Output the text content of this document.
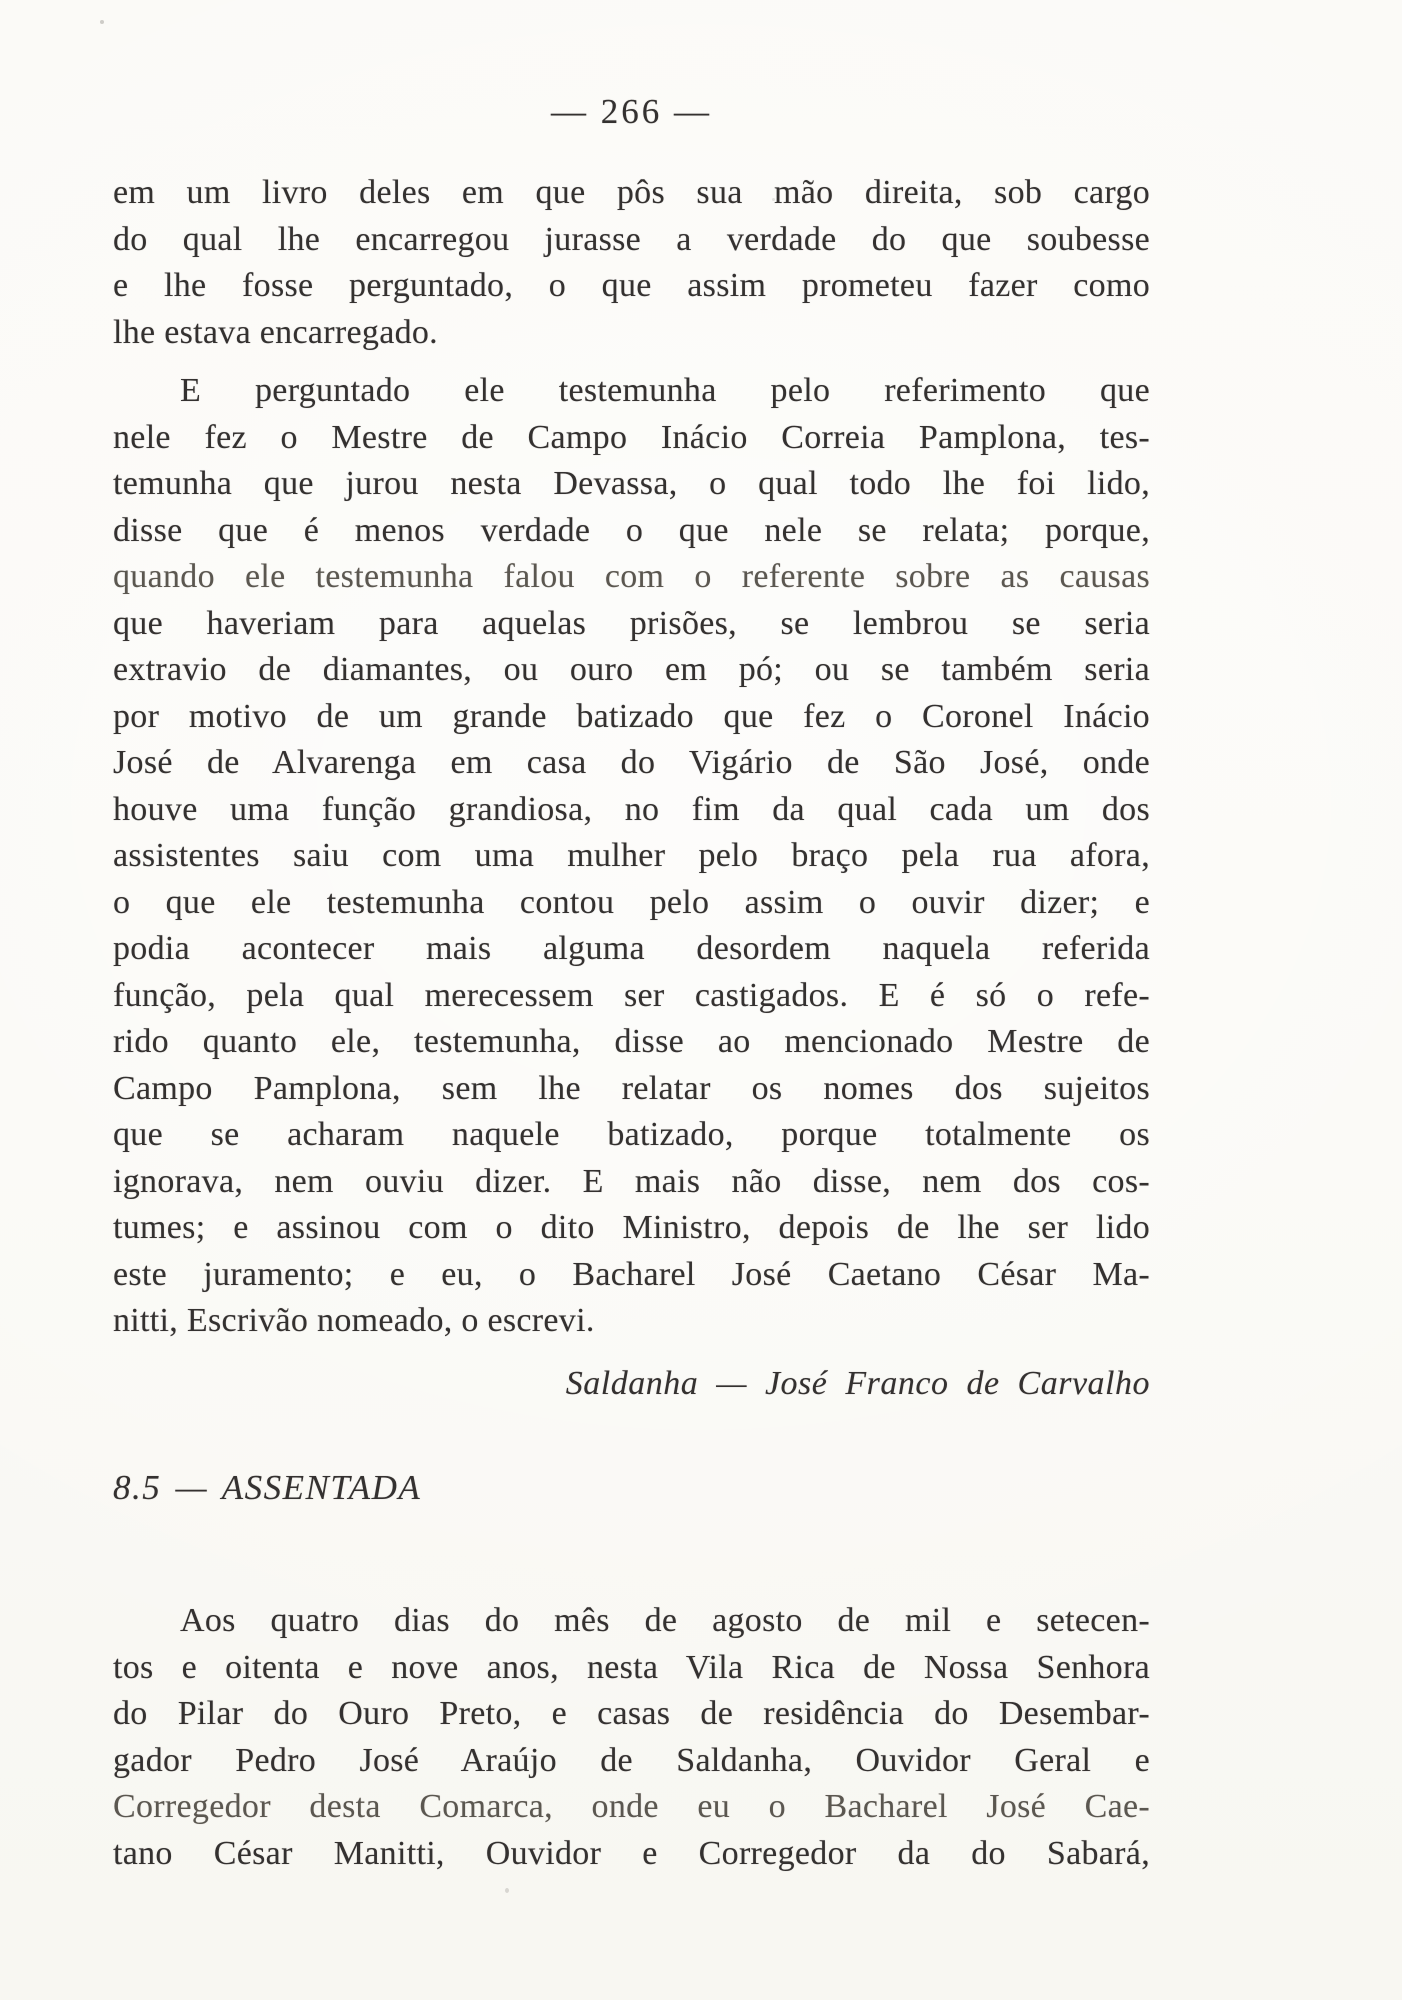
— 266 —
em um livro deles em que pôs sua mão direita, sob cargo
do qual lhe encarregou jurasse a verdade do que soubesse
e lhe fosse perguntado, o que assim prometeu fazer como
lhe estava encarregado.
E perguntado ele testemunha pelo referimento que
nele fez o Mestre de Campo Inácio Correia Pamplona, tes-
temunha que jurou nesta Devassa, o qual todo lhe foi lido,
disse que é menos verdade o que nele se relata; porque,
quando ele testemunha falou com o referente sobre as causas
que haveriam para aquelas prisões, se lembrou se seria
extravio de diamantes, ou ouro em pó; ou se também seria
por motivo de um grande batizado que fez o Coronel Inácio
José de Alvarenga em casa do Vigário de São José, onde
houve uma função grandiosa, no fim da qual cada um dos
assistentes saiu com uma mulher pelo braço pela rua afora,
o que ele testemunha contou pelo assim o ouvir dizer; e
podia acontecer mais alguma desordem naquela referida
função, pela qual merecessem ser castigados. E é só o refe-
rido quanto ele, testemunha, disse ao mencionado Mestre de
Campo Pamplona, sem lhe relatar os nomes dos sujeitos
que se acharam naquele batizado, porque totalmente os
ignorava, nem ouviu dizer. E mais não disse, nem dos cos-
tumes; e assinou com o dito Ministro, depois de lhe ser lido
este juramento; e eu, o Bacharel José Caetano César Ma-
nitti, Escrivão nomeado, o escrevi.
Saldanha — José Franco de Carvalho
8.5 — ASSENTADA
Aos quatro dias do mês de agosto de mil e setecen-
tos e oitenta e nove anos, nesta Vila Rica de Nossa Senhora
do Pilar do Ouro Preto, e casas de residência do Desembar-
gador Pedro José Araújo de Saldanha, Ouvidor Geral e
Corregedor desta Comarca, onde eu o Bacharel José Cae-
tano César Manitti, Ouvidor e Corregedor da do Sabará,
